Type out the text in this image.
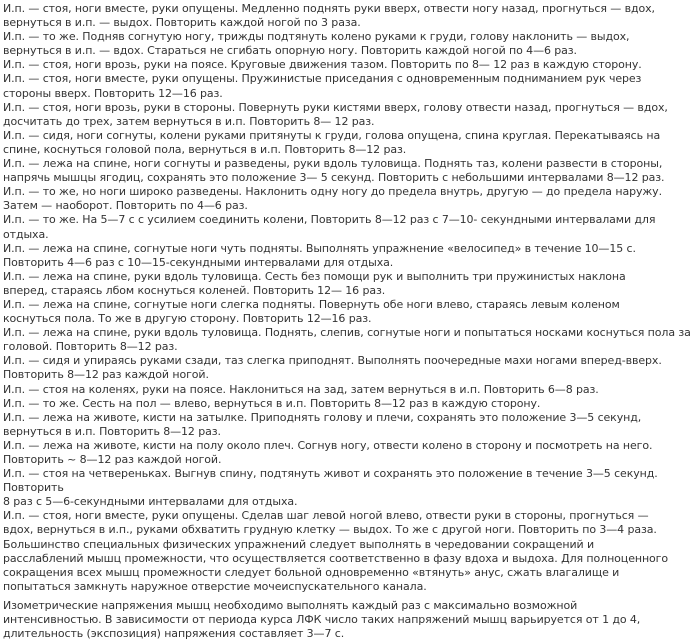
И.п. — стоя, ноги вместе, руки опущены. Медленно поднять руки вверх, отвести ногу назад, прогнуться — вдох,
вернуться в и.п. — выдох. Повторить каждой ногой по 3 раза.
И.п. — то же. Подняв согнутую ногу, трижды подтянуть колено руками к груди, голову наклонить — выдох,
вернуться в и.п. — вдох. Стараться не сгибать опорную ногу. Повторить каждой ногой по 4—6 раз.
И.п. — стоя, ноги врозь, руки на поясе. Круговые движения тазом. Повторить по 8— 12 раз в каждую сторону.
И.п. — стоя, ноги вместе, руки опущены. Пружинистые приседания с одновременным подниманием рук через
стороны вверх. Повторить 12—16 раз.
И.п. — стоя, ноги врозь, руки в стороны. Повернуть руки кистями вверх, голову отвести назад, прогнуться — вдох,
досчитать до трех, затем вернуться в и.п. Повторить 8— 12 раз.
И.п. — сидя, ноги согнуты, колени руками притянуты к груди, голова опущена, спина круглая. Перекатываясь на
спине, коснуться головой пола, вернуться в и.п. Повторить 8—12 раз.
И.п. — лежа на спине, ноги согнуты и разведены, руки вдоль туловища. Поднять таз, колени развести в стороны,
напрячь мышцы ягодиц, сохранять это положение 3— 5 секунд. Повторить с небольшими интервалами 8—12 раз.
И.п. — то же, но ноги широко разведены. Наклонить одну ногу до предела внутрь, другую — до предела наружу.
Затем — наоборот. Повторить по 4—6 раз.
И.п. — то же. На 5—7 с с усилием соединить колени, Повторить 8—12 раз с 7—10- секундными интервалами для
отдыха.
И.п. — лежа на спине, согнутые ноги чуть подняты. Выполнять упражнение «велосипед» в течение 10—15 с.
Повторить 4—6 раз с 10—15-секундными интервалами для отдыха.
И.п. — лежа на спине, руки вдоль туловища. Сесть без помощи рук и выполнить три пружинистых наклона
вперед, стараясь лбом коснуться коленей. Повторить 12— 16 раз.
И.п. — лежа на спине, согнутые ноги слегка подняты. Повернуть обе ноги влево, стараясь левым коленом
коснуться пола. То же в другую сторону. Повторить 12—16 раз.
И.п. — лежа на спине, руки вдоль туловища. Поднять, слепив, согнутые ноги и попытаться носками коснуться пола за
головой. Повторить 8—12 раз.
И.п. — сидя и упираясь руками сзади, таз слегка приподнят. Выполнять поочередные махи ногами вперед-вверх.
Повторить 8—12 раз каждой ногой.
И.п. — стоя на коленях, руки на поясе. Наклониться на зад, затем вернуться в и.п. Повторить 6—8 раз.
И.п. — то же. Сесть на пол — влево, вернуться в и.п. Повторить 8—12 раз в каждую сторону.
И.п. — лежа на животе, кисти на затылке. Приподнять голову и плечи, сохранять это положение 3—5 секунд,
вернуться в и.п. Повторить 8—12 раз.
И.п. — лежа на животе, кисти на полу около плеч. Согнув ногу, отвести колено в сторону и посмотреть на него.
Повторить ~ 8—12 раз каждой ногой.
И.п. — стоя на четвереньках. Выгнув спину, подтянуть живот и сохранять это положение в течение 3—5 секунд.
Повторить
8 раз с 5—6-секундными интервалами для отдыха.
И.п. — стоя, ноги вместе, руки опущены. Сделав шаг левой ногой влево, отвести руки в стороны, прогнуться —
вдох, вернуться в и.п., руками обхватить грудную клетку — выдох. То же с другой ноги. Повторить по 3—4 раза.
Большинство специальных физических упражнений следует выполнять в чередовании сокращений и
расслаблений мышц промежности, что осуществляется соответственно в фазу вдоха и выдоха. Для полноценного
сокращения всех мышц промежности следует больной одновременно «втянуть» анус, сжать влагалище и
попытаться замкнуть наружное отверстие мочеиспускательного канала.
Изометрические напряжения мышц необходимо выполнять каждый раз с максимально возможной
интенсивностью. В зависимости от периода курса ЛФК число таких напряжений мышц варьируется от 1 до 4,
длительность (экспозиция) напряжения составляет 3—7 с.
